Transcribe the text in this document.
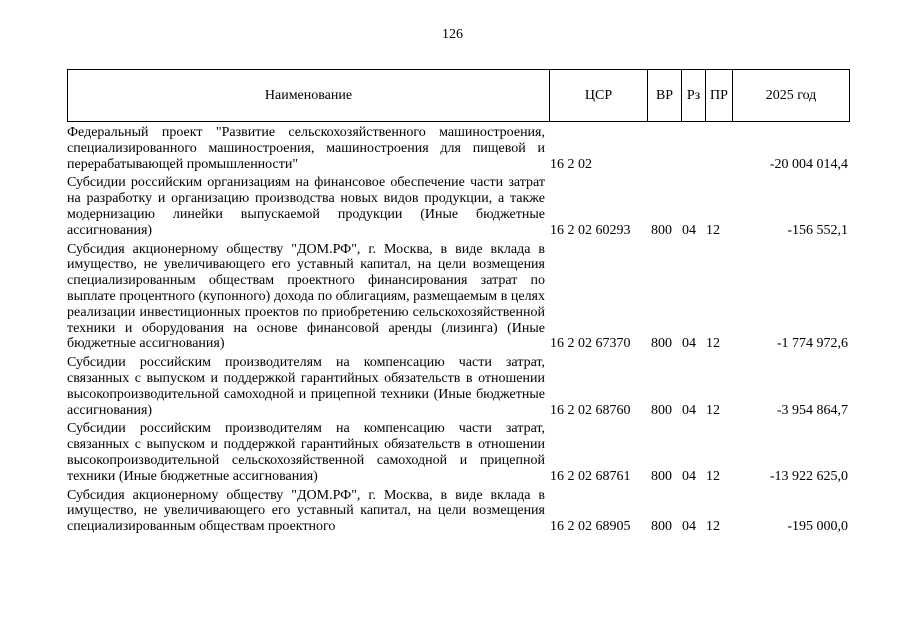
126
Наименование	ЦСР	ВР Рз ПР	2025 год
Федеральный проект "Развитие сельскохозяйственного машиностроения, специализированного машиностроения, машиностроения для пищевой и перерабатывающей промышленности"	16 2 02	-20 004 014,4
Субсидии российским организациям на финансовое обеспечение части затрат на разработку и организацию производства новых видов продукции, а также модернизацию линейки выпускаемой продукции (Иные бюджетные ассигнования)	16 2 02 60293	800 04 12	-156 552,1
Субсидия акционерному обществу "ДОМ.РФ", г. Москва, в виде вклада в имущество, не увеличивающего его уставный капитал, на цели возмещения специализированным обществам проектного финансирования затрат по выплате процентного (купонного) дохода по облигациям, размещаемым в целях реализации инвестиционных проектов по приобретению сельскохозяйственной техники и оборудования на основе финансовой аренды (лизинга) (Иные бюджетные ассигнования)	16 2 02 67370	800 04 12	-1 774 972,6
Субсидии российским производителям на компенсацию части затрат, связанных с выпуском и поддержкой гарантийных обязательств в отношении высокопроизводительной самоходной и прицепной техники (Иные бюджетные ассигнования)	16 2 02 68760	800 04 12	-3 954 864,7
Субсидии российским производителям на компенсацию части затрат, связанных с выпуском и поддержкой гарантийных обязательств в отношении высокопроизводительной сельскохозяйственной самоходной и прицепной техники (Иные бюджетные ассигнования)	16 2 02 68761	800 04 12	-13 922 625,0
Субсидия акционерному обществу "ДОМ.РФ", г. Москва, в виде вклада в имущество, не увеличивающего его уставный капитал, на цели возмещения специализированным обществам проектного	16 2 02 68905	800 04 12	-195 000,0
